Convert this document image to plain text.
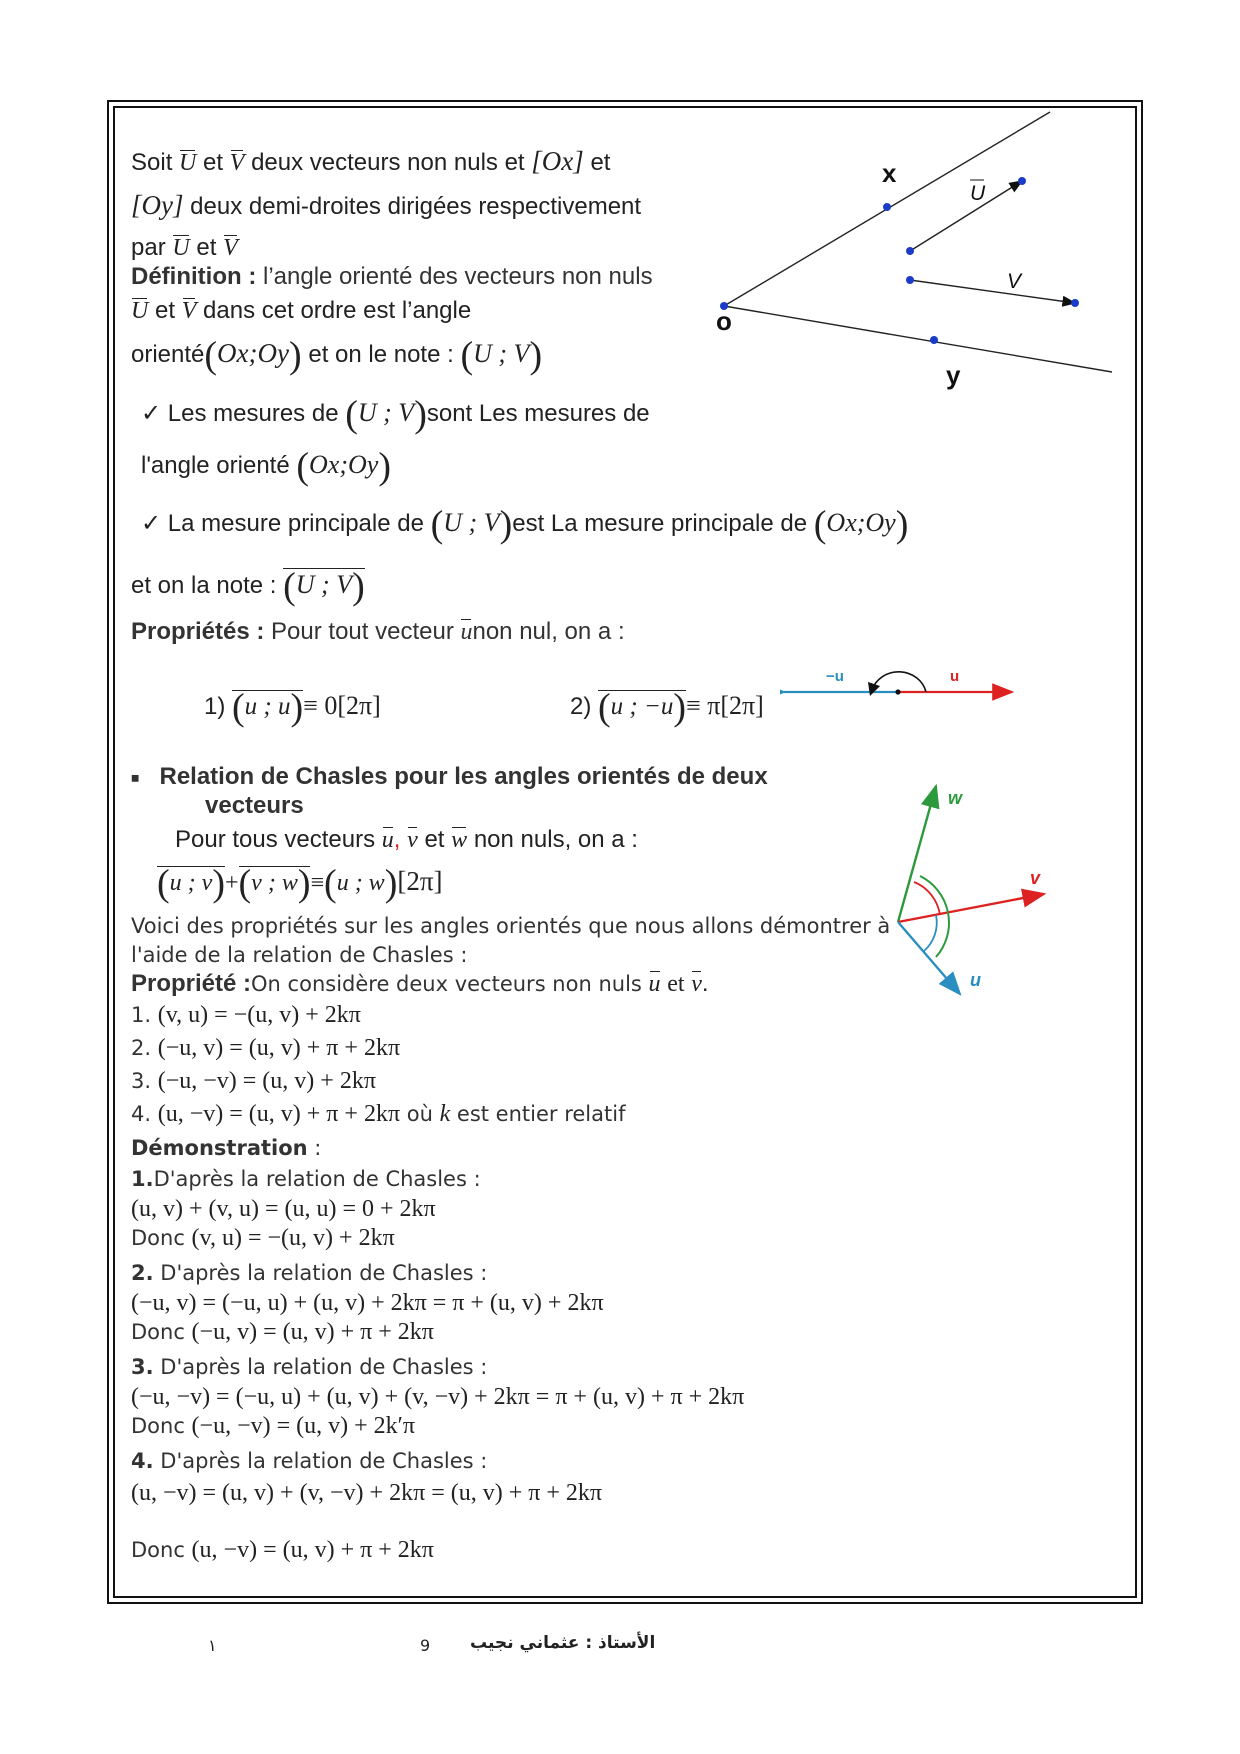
Soit U et V deux vecteurs non nuls et [Ox] et
[Oy] deux demi-droites dirigées respectivement
par U et V
Définition : l’angle orienté des vecteurs non nuls
U et V dans cet ordre est l’angle
orienté(Ox;Oy) et on le note : (U ; V)
x
o
y
U
V
✓ Les mesures de (U ; V)sont Les mesures de
l'angle orienté (Ox;Oy)
✓ La mesure principale de (U ; V)est La mesure principale de (Ox;Oy)
et on la note : (U ; V)
Propriétés : Pour tout vecteur unon nul, on a :
1) (u ; u)≡ 0[2π]	2) (u ; −u)≡ π[2π]
−u	u
■ Relation de Chasles pour les angles orientés de deux
vecteurs
Pour tous vecteurs u, v et w non nuls, on a :
(u ; v)+(v ; w)≡(u ; w)[2π]
w
v
u
Voici des propriétés sur les angles orientés que nous allons démontrer à
l'aide de la relation de Chasles :
Propriété :On considère deux vecteurs non nuls u et v.
1. (v, u) = −(u, v) + 2kπ
2. (−u, v) = (u, v) + π + 2kπ
3. (−u, −v) = (u, v) + 2kπ
4. (u, −v) = (u, v) + π + 2kπ où k est entier relatif
Démonstration :
1.D'après la relation de Chasles :
(u, v) + (v, u) = (u, u) = 0 + 2kπ
Donc (v, u) = −(u, v) + 2kπ
2. D'après la relation de Chasles :
(−u, v) = (−u, u) + (u, v) + 2kπ = π + (u, v) + 2kπ
Donc (−u, v) = (u, v) + π + 2kπ
3. D'après la relation de Chasles :
(−u, −v) = (−u, u) + (u, v) + (v, −v) + 2kπ = π + (u, v) + π + 2kπ
Donc (−u, −v) = (u, v) + 2k′π
4. D'après la relation de Chasles :
(u, −v) = (u, v) + (v, −v) + 2kπ = (u, v) + π + 2kπ
Donc (u, −v) = (u, v) + π + 2kπ
١	9 الأستاذ : عثماني نجيب
